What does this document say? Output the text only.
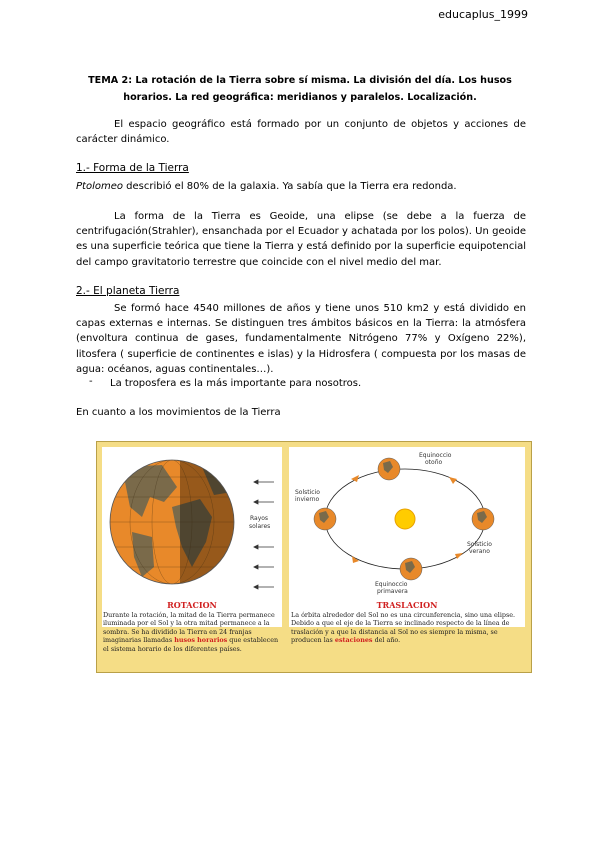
educaplus_1999
TEMA 2: La rotación de la Tierra sobre sí misma. La división del día. Los husos horarios. La red geográfica: meridianos y paralelos. Localización.
El espacio geográfico está formado por un conjunto de objetos y acciones de carácter dinámico.
1.- Forma de la Tierra
Ptolomeo describió el 80% de la galaxia. Ya sabía que la Tierra era redonda.
La forma de la Tierra es Geoide, una elipse (se debe a la fuerza de centrifugación(Strahler), ensanchada por el Ecuador y achatada por los polos). Un geoide es una superficie teórica que tiene la Tierra y está definido por la superficie equipotencial del campo gravitatorio terrestre que coincide con el nivel medio del mar.
2.- El planeta Tierra
Se formó hace 4540 millones de años y tiene unos 510 km2 y está dividido en capas externas e internas. Se distinguen tres ámbitos básicos en la Tierra: la atmósfera (envoltura continua de gases, fundamentalmente Nitrógeno 77% y Oxígeno 22%), litosfera ( superficie de continentes e islas) y la Hidrosfera ( compuesta por los masas de agua: océanos, aguas continentales…).
- La troposfera es la más importante para nosotros.
En cuanto a los movimientos de la Tierra
Rayos
solares
ROTACION
Durante la rotación, la mitad de la Tierra permanece iluminada por el Sol y la otra mitad permanece a la sombra. Se ha dividido la Tierra en 24 franjas imaginarias llamadas husos horarios que establecen el sistema horario de los diferentes países.
Equinoccio
otoño
Solsticio
invierno
Solsticio
verano
Equinoccio
primavera
TRASLACION
La órbita alrededor del Sol no es una circunferencia, sino una elipse.
Debido a que el eje de la Tierra se inclinado respecto de la línea de traslación y a que la distancia al Sol no es siempre la misma, se producen las estaciones del año.
